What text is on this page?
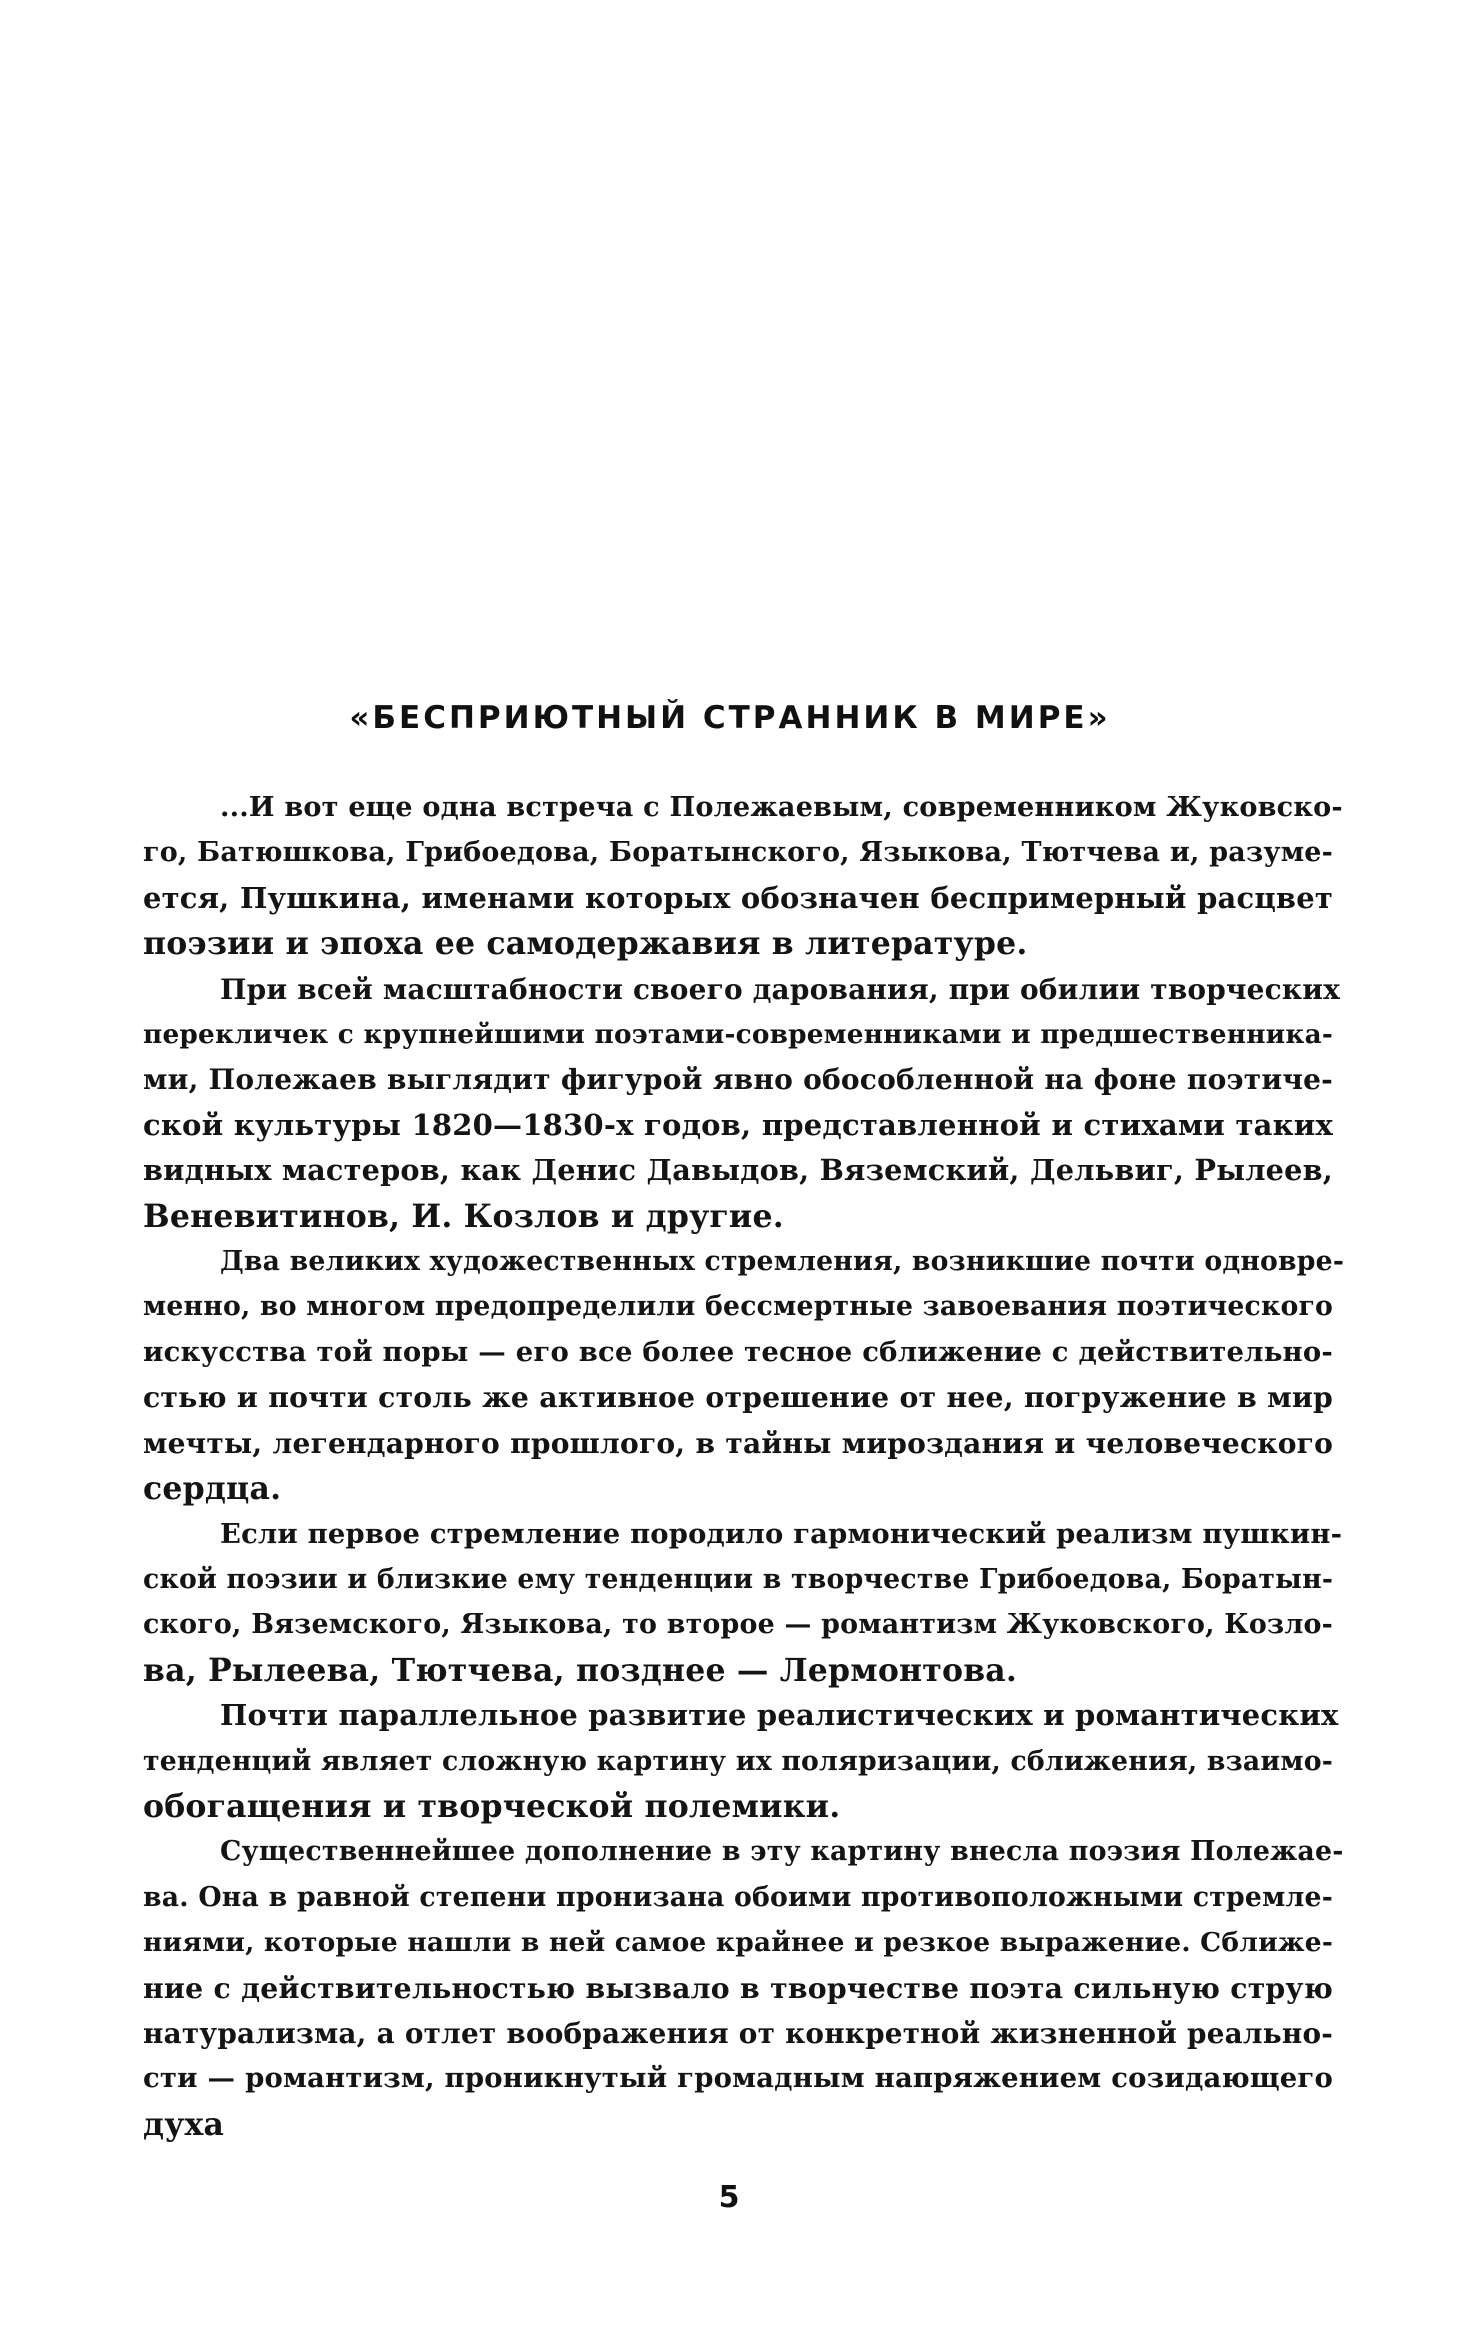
«БЕСПРИЮТНЫЙ СТРАННИК В МИРЕ»

...И вот еще одна встреча с Полежаевым, современником Жуковско-
го, Батюшкова, Грибоедова, Боратынского, Языкова, Тютчева и, разуме-
ется, Пушкина, именами которых обозначен беспримерный расцвет
поэзии и эпоха ее самодержавия в литературе.

При всей масштабности своего дарования, при обилии творческих
перекличек с крупнейшими поэтами-современниками и предшественника-
ми, Полежаев выглядит фигурой явно обособленной на фоне поэтиче-
ской культуры 1820—1830-х годов, представленной и стихами таких
видных мастеров, как Денис Давыдов, Вяземский, Дельвиг, Рылеев,
Веневитинов, И. Козлов и другие.

Два великих художественных стремления, возникшие почти одновре-
менно, во многом предопределили бессмертные завоевания поэтического
искусства той поры — его все более тесное сближение с действительно-
стью и почти столь же активное отрешение от нее, погружение в мир
мечты, легендарного прошлого, в тайны мироздания и человеческого
сердца.

Если первое стремление породило гармонический реализм пушкин-
ской поэзии и близкие ему тенденции в творчестве Грибоедова, Боратын-
ского, Вяземского, Языкова, то второе — романтизм Жуковского, Козло-
ва, Рылеева, Тютчева, позднее — Лермонтова.

Почти параллельное развитие реалистических и романтических
тенденций являет сложную картину их поляризации, сближения, взаимо-
обогащения и творческой полемики.

Существеннейшее дополнение в эту картину внесла поэзия Полежае-
ва. Она в равной степени пронизана обоими противоположными стремле-
ниями, которые нашли в ней самое крайнее и резкое выражение. Сближе-
ние с действительностью вызвало в творчестве поэта сильную струю
натурализма, а отлет воображения от конкретной жизненной реально-
сти — романтизм, проникнутый громадным напряжением созидающего
духа

5
